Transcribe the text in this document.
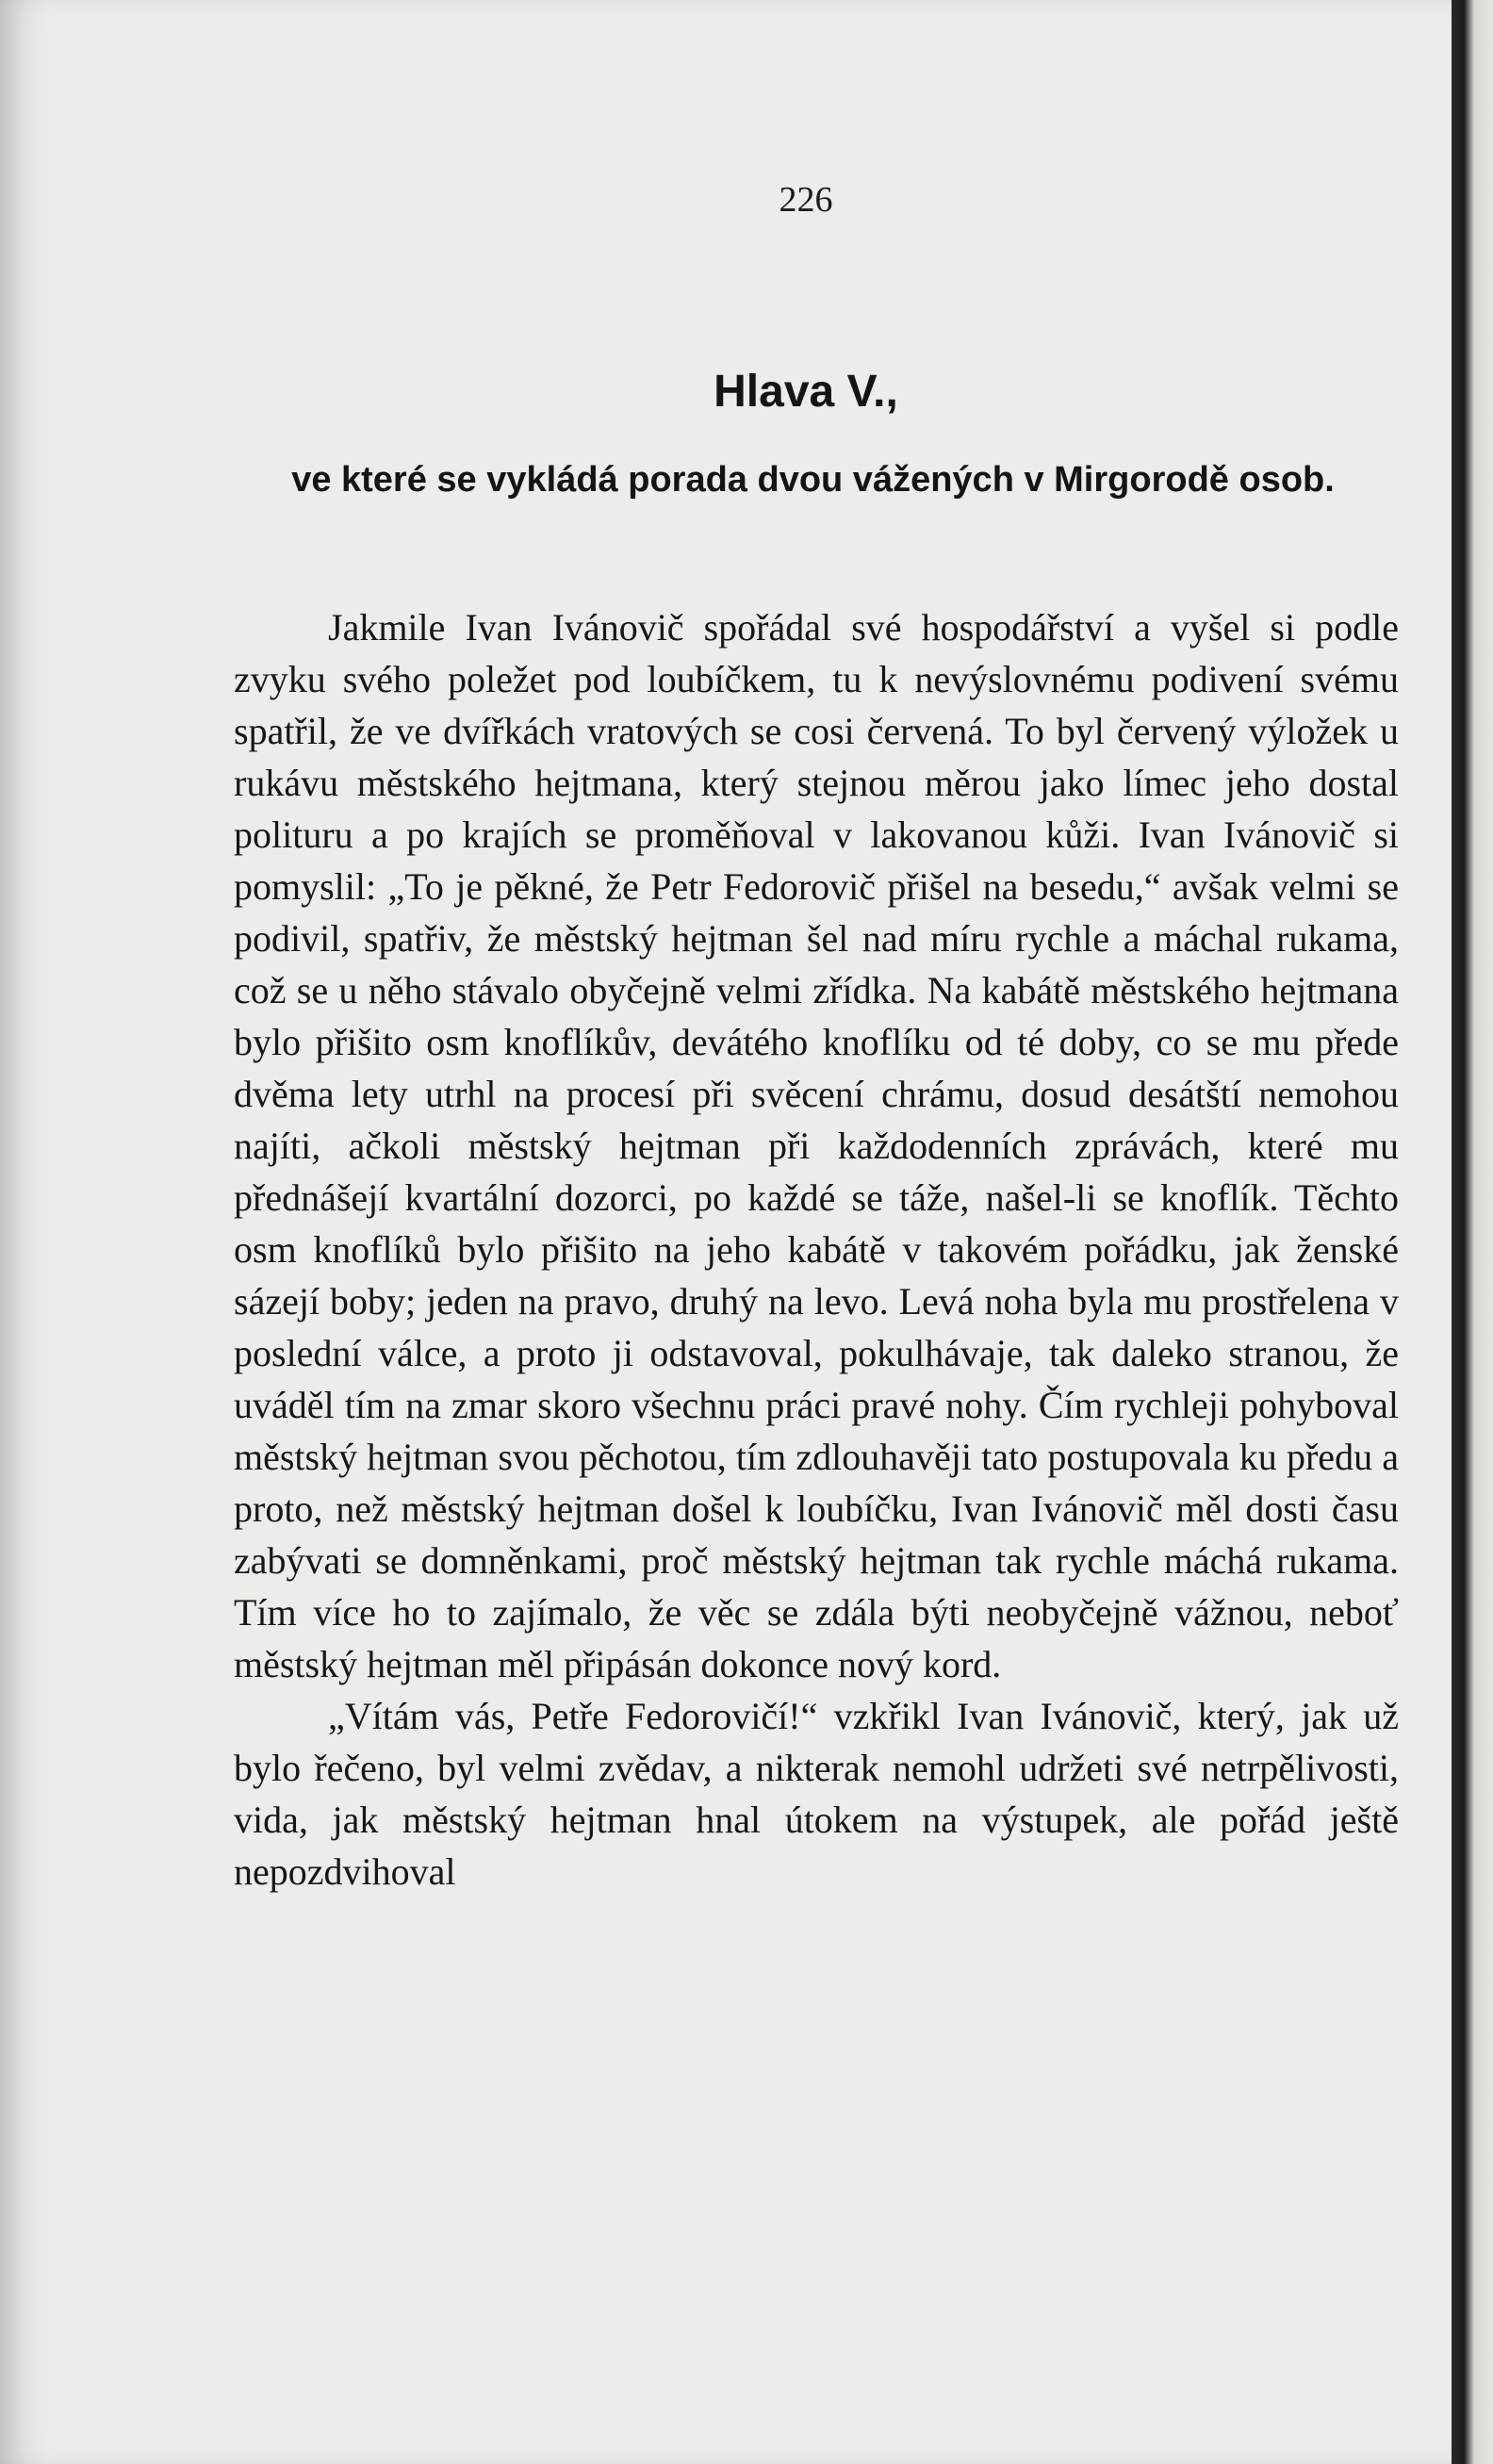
226
Hlava V.,
ve které se vykládá porada dvou vážených v Mirgorodě osob.

Jakmile Ivan Ivánovič spořádal své hospodářství a vyšel si podle zvyku svého poležet pod loubíčkem, tu k nevýslovnému podivení svému spatřil, že ve dvířkách vratových se cosi červená. To byl červený výložek u rukávu městského hejtmana, který stejnou měrou jako límec jeho dostal polituru a po krajích se proměňoval v lakovanou kůži. Ivan Ivánovič si pomyslil: „To je pěkné, že Petr Fedorovič přišel na besedu,“ avšak velmi se podivil, spatřiv, že městský hejtman šel nad míru rychle a máchal rukama, což se u něho stávalo obyčejně velmi zřídka. Na kabátě městského hejtmana bylo přišito osm knoflíkův, devátého knoflíku od té doby, co se mu přede dvěma lety utrhl na procesí při svěcení chrámu, dosud desátští nemohou najíti, ačkoli městský hejtman při každodenních zprávách, které mu přednášejí kvartální dozorci, po každé se táže, našel-li se knoflík. Těchto osm knoflíků bylo přišito na jeho kabátě v takovém pořádku, jak ženské sázejí boby; jeden na pravo, druhý na levo. Levá noha byla mu prostřelena v poslední válce, a proto ji odstavoval, pokulhávaje, tak daleko stranou, že uváděl tím na zmar skoro všechnu práci pravé nohy. Čím rychleji pohyboval městský hejtman svou pěchotou, tím zdlouhavěji tato postupovala ku předu a proto, než městský hejtman došel k loubíčku, Ivan Ivánovič měl dosti času zabývati se domněnkami, proč městský hejtman tak rychle máchá rukama. Tím více ho to zajímalo, že věc se zdála býti neobyčejně vážnou, neboť městský hejtman měl připásán dokonce nový kord.

„Vítám vás, Petře Fedorovičí!“ vzkřikl Ivan Ivánovič, který, jak už bylo řečeno, byl velmi zvědav, a nikterak nemohl udržeti své netrpělivosti, vida, jak městský hejtman hnal útokem na výstupek, ale pořád ještě nepozdvihoval
